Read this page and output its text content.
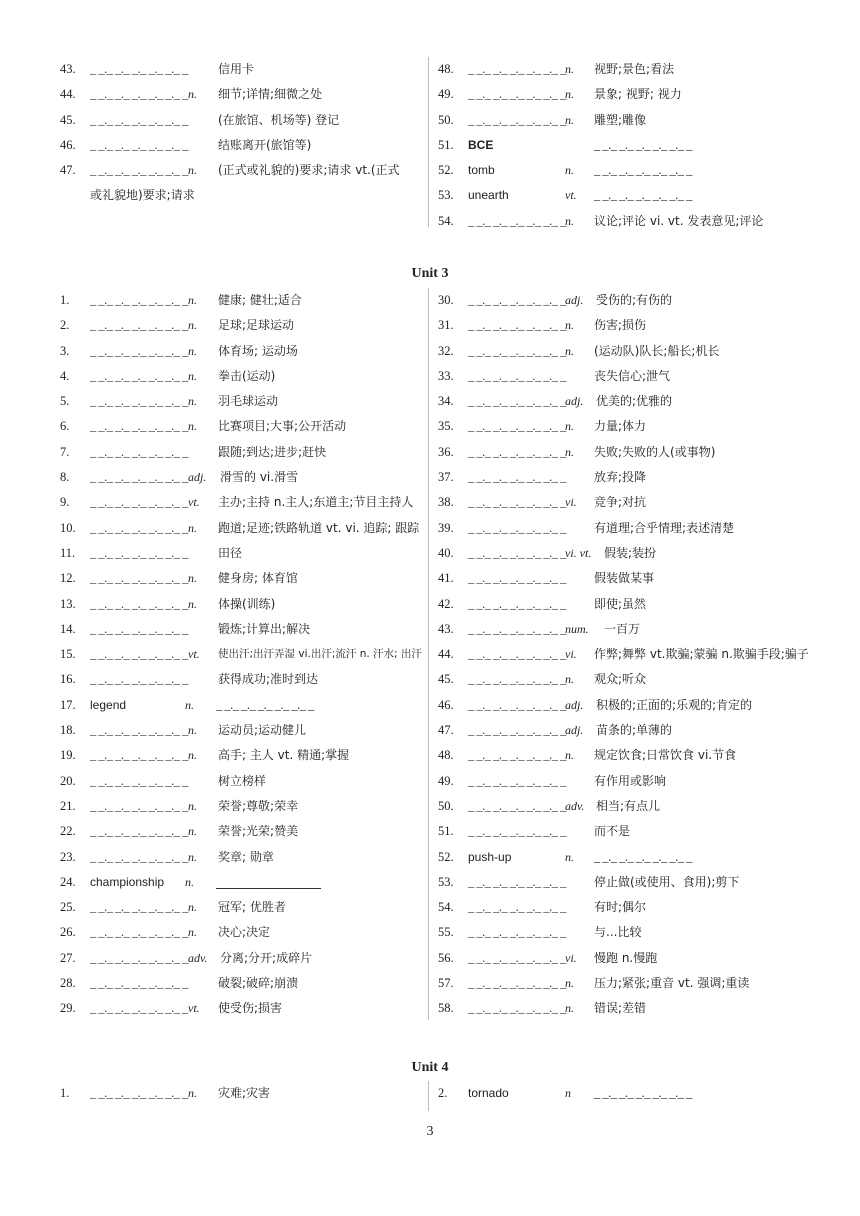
43.	_ _._ _._ _._ _._ _._ _	信用卡
44.	_ _._ _._ _._ _._ _._ _ n. 细节;详情;细微之处
45.	_ _._ _._ _._ _._ _._ _	(在旅馆、机场等) 登记
46.	_ _._ _._ _._ _._ _._ _	结账离开(旅馆等)
47.	_ _._ _._ _._ _._ _._ _ n. (正式或礼貌的)要求;请求 vt.(正式
或礼貌地)要求;请求
48.	_ _._ _._ _._ _._ _._ _ n. 视野;景色;看法
49.	_ _._ _._ _._ _._ _._ _ n. 景象; 视野; 视力
50.	_ _._ _._ _._ _._ _._ _ n. 雕塑;雕像
51.	BCE	_ _._ _._ _._ _._ _._ _
52.	tomb	n. _ _._ _._ _._ _._ _._ _
53.	unearth	vt. _ _._ _._ _._ _._ _._ _
54.	_ _._ _._ _._ _._ _._ _ n. 议论;评论 vi. vt. 发表意见;评论
Unit 3
1.	_ _._ _._ _._ _._ _._ _ n. 健康; 健壮;适合
2.	_ _._ _._ _._ _._ _._ _ n. 足球;足球运动
3.	_ _._ _._ _._ _._ _._ _ n. 体育场; 运动场
4.	_ _._ _._ _._ _._ _._ _ n. 拳击(运动)
5.	_ _._ _._ _._ _._ _._ _ n. 羽毛球运动
6.	_ _._ _._ _._ _._ _._ _ n. 比赛项目;大事;公开活动
7.	_ _._ _._ _._ _._ _._ _	跟随;到达;进步;赶快
8.	_ _._ _._ _._ _._ _._ _ adj. 滑雪的 vi.滑雪
9.	_ _._ _._ _._ _._ _._ _ vt. 主办;主持 n.主人;东道主;节目主持人
10.	_ _._ _._ _._ _._ _._ _ n. 跑道;足迹;铁路轨道 vt. vi. 追踪; 跟踪
11.	_ _._ _._ _._ _._ _._ _	田径
12.	_ _._ _._ _._ _._ _._ _ n. 健身房; 体育馆
13.	_ _._ _._ _._ _._ _._ _ n. 体操(训练)
14.	_ _._ _._ _._ _._ _._ _	锻炼;计算出;解决
15.	_ _._ _._ _._ _._ _._ _ vt. 使出汗;出汗弄湿 vi.出汗;流汗 n. 汗水; 出汗
16.	_ _._ _._ _._ _._ _._ _	获得成功;准时到达
17.	legend	n. _ _._ _._ _._ _._ _._ _
18.	_ _._ _._ _._ _._ _._ _ n. 运动员;运动健儿
19.	_ _._ _._ _._ _._ _._ _ n. 高手; 主人 vt. 精通;掌握
20.	_ _._ _._ _._ _._ _._ _	树立榜样
21.	_ _._ _._ _._ _._ _._ _ n. 荣誉;尊敬;荣幸
22.	_ _._ _._ _._ _._ _._ _ n. 荣誉;光荣;赞美
23.	_ _._ _._ _._ _._ _._ _ n. 奖章; 勋章
24.	championship n.
25.	_ _._ _._ _._ _._ _._ _ n. 冠军; 优胜者
26.	_ _._ _._ _._ _._ _._ _ n. 决心;决定
27.	_ _._ _._ _._ _._ _._ _ adv. 分离;分开;成碎片
28.	_ _._ _._ _._ _._ _._ _	破裂;破碎;崩溃
29.	_ _._ _._ _._ _._ _._ _ vt. 使受伤;损害
30.	_ _._ _._ _._ _._ _._ _ adj. 受伤的;有伤的
31.	_ _._ _._ _._ _._ _._ _ n. 伤害;损伤
32.	_ _._ _._ _._ _._ _._ _ n. (运动队)队长;船长;机长
33.	_ _._ _._ _._ _._ _._ _ 丧失信心;泄气
34.	_ _._ _._ _._ _._ _._ _ adj. 优美的;优雅的
35.	_ _._ _._ _._ _._ _._ _ n. 力量;体力
36.	_ _._ _._ _._ _._ _._ _ n. 失败;失败的人(或事物)
37.	_ _._ _._ _._ _._ _._ _ 放弃;投降
38.	_ _._ _._ _._ _._ _._ _ vi. 竞争;对抗
39.	_ _._ _._ _._ _._ _._ _ 有道理;合乎情理;表述清楚
40.	_ _._ _._ _._ _._ _._ _ vi. vt. 假装;装扮
41.	_ _._ _._ _._ _._ _._ _ 假装做某事
42.	_ _._ _._ _._ _._ _._ _ 即使;虽然
43.	_ _._ _._ _._ _._ _._ _ num. 一百万
44.	_ _._ _._ _._ _._ _._ _ vi. 作弊;舞弊 vt.欺骗;蒙骗 n.欺骗手段;骗子
45.	_ _._ _._ _._ _._ _._ _ n. 观众;听众
46.	_ _._ _._ _._ _._ _._ _ adj. 积极的;正面的;乐观的;肯定的
47.	_ _._ _._ _._ _._ _._ _ adj. 苗条的;单薄的
48.	_ _._ _._ _._ _._ _._ _ n. 规定饮食;日常饮食 vi.节食
49.	_ _._ _._ _._ _._ _._ _ 有作用或影响
50.	_ _._ _._ _._ _._ _._ _ adv. 相当;有点儿
51.	_ _._ _._ _._ _._ _._ _ 而不是
52.	push-up	n. _ _._ _._ _._ _._ _._ _
53.	_ _._ _._ _._ _._ _._ _ 停止做(或使用、食用);剪下
54.	_ _._ _._ _._ _._ _._ _ 有时;偶尔
55.	_ _._ _._ _._ _._ _._ _ 与...比较
56.	_ _._ _._ _._ _._ _._ _ vi. 慢跑 n.慢跑
57.	_ _._ _._ _._ _._ _._ _ n. 压力;紧张;重音 vt. 强调;重读
58.	_ _._ _._ _._ _._ _._ _ n. 错误;差错
Unit 4
1.	_ _._ _._ _._ _._ _._ _ n. 灾难;灾害	2.	tornado	n _ _._ _._ _._ _._ _._ _
3
